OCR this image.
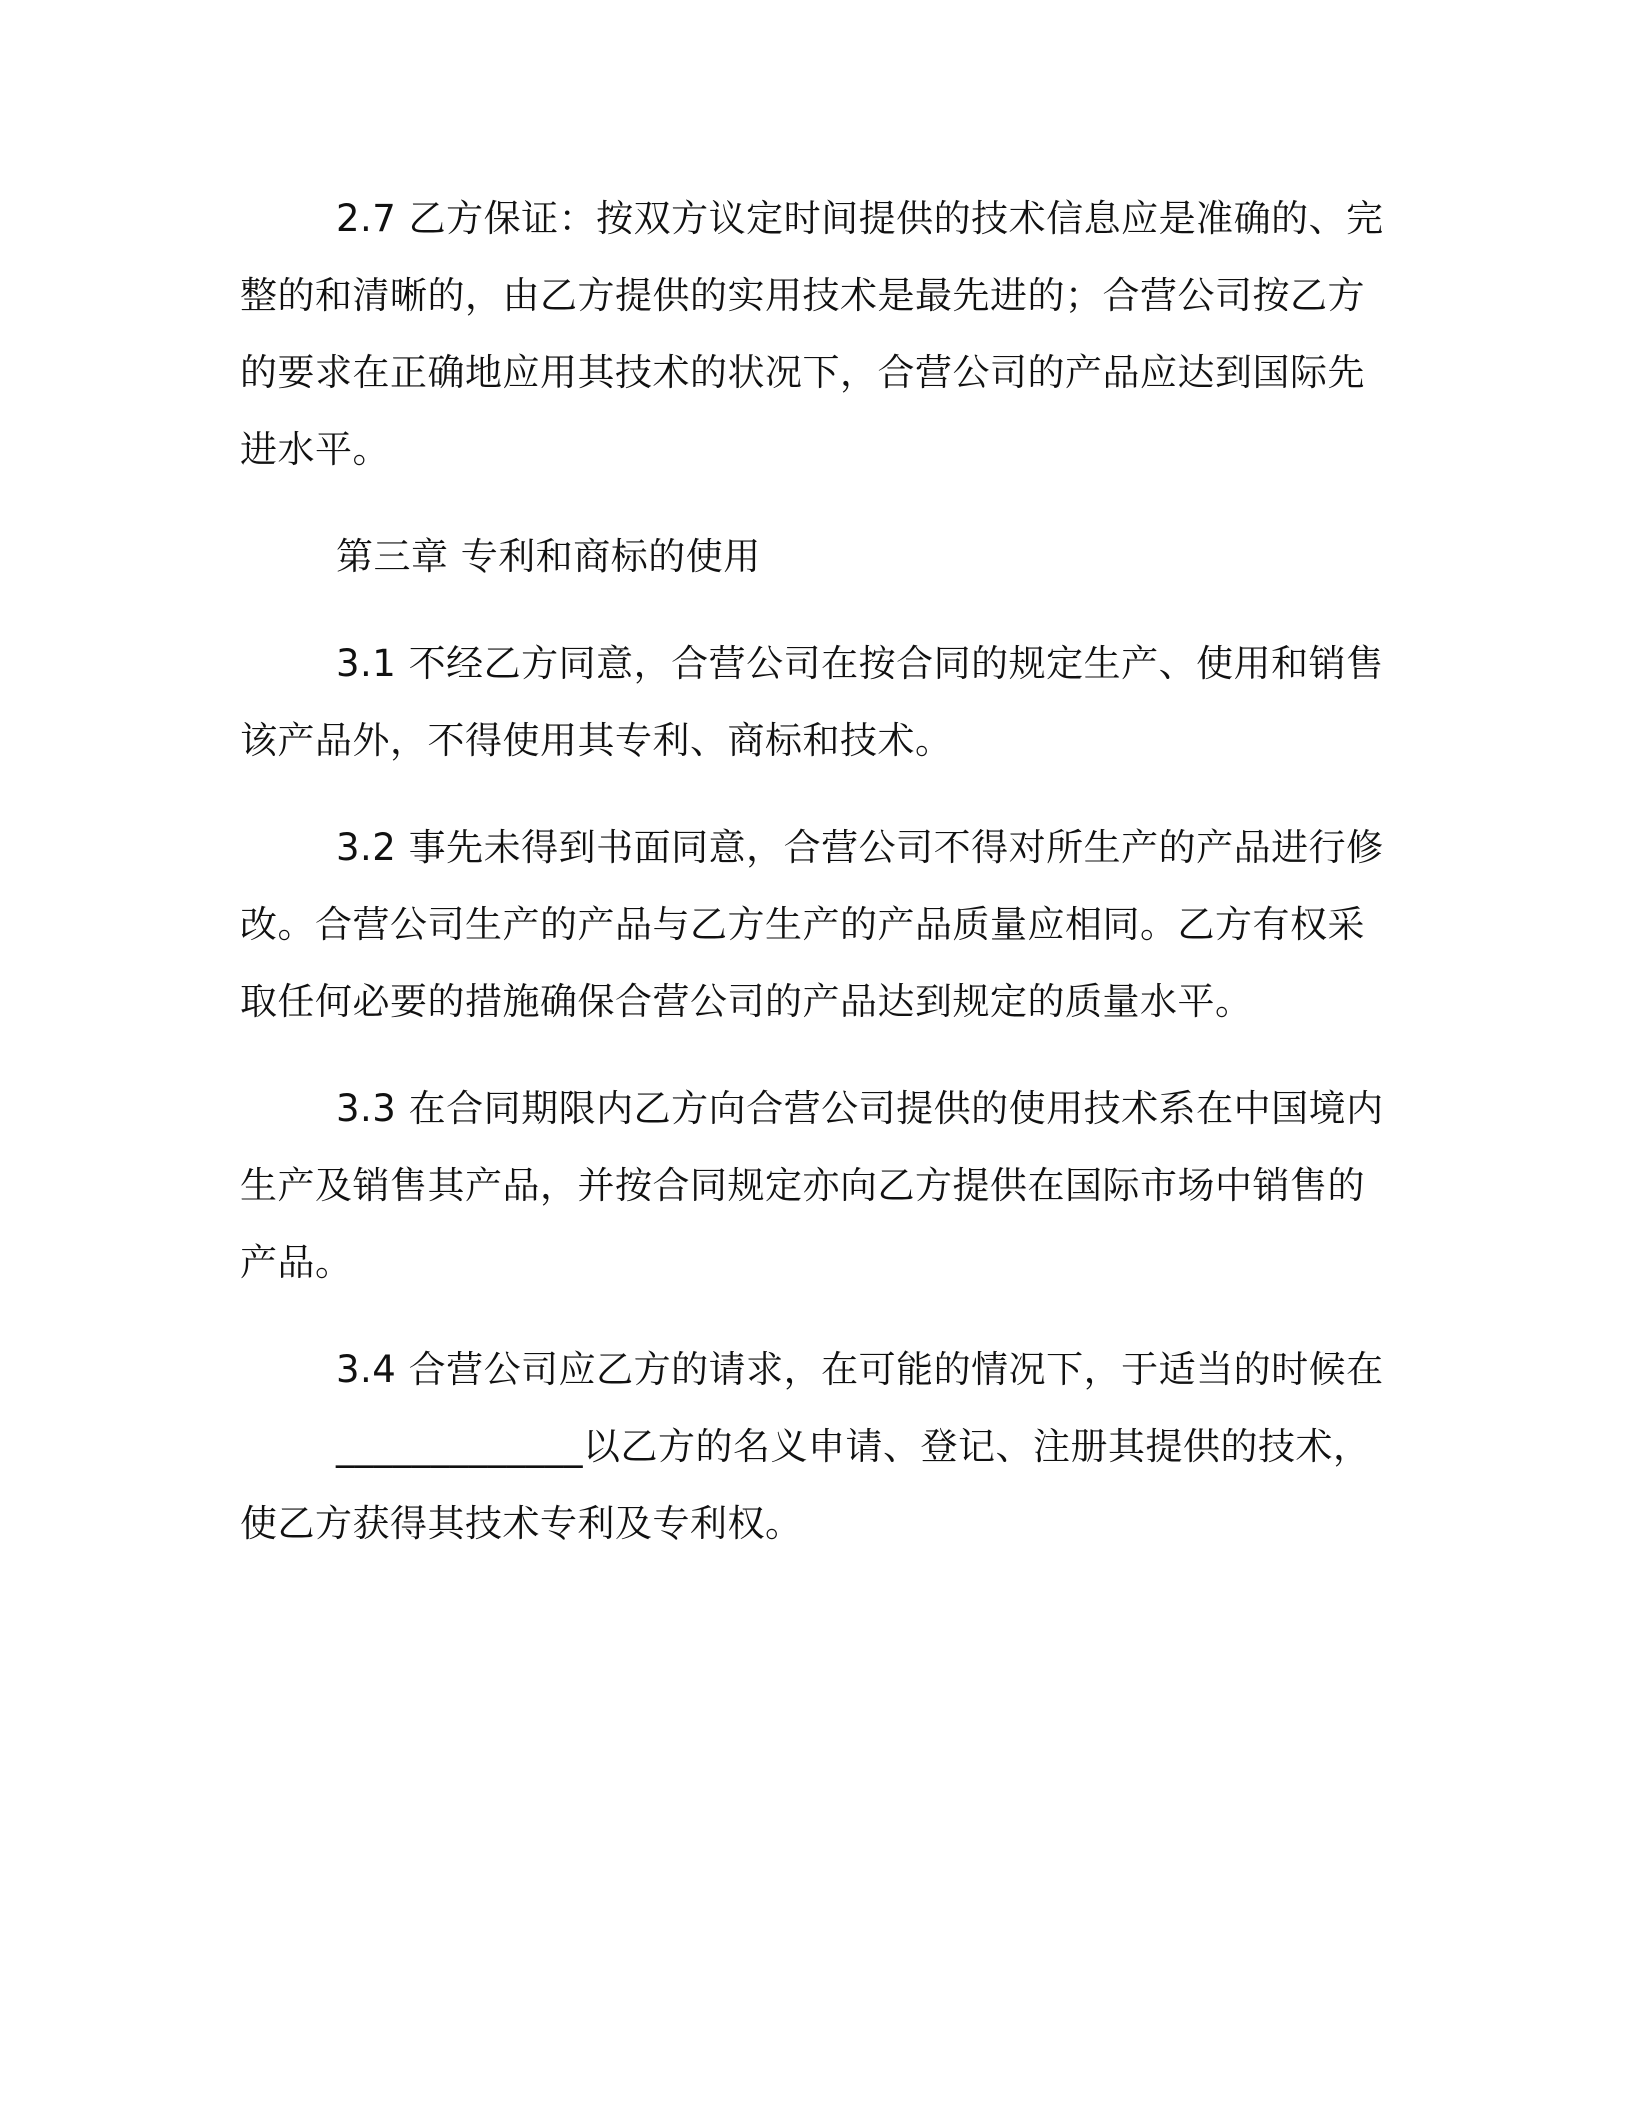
2.7 乙方保证：按双方议定时间提供的技术信息应是准确的、完整的和清晰的，由乙方提供的实用技术是最先进的；合营公司按乙方的要求在正确地应用其技术的状况下，合营公司的产品应达到国际先进水平。

第三章 专利和商标的使用

3.1 不经乙方同意，合营公司在按合同的规定生产、使用和销售该产品外，不得使用其专利、商标和技术。

3.2 事先未得到书面同意，合营公司不得对所生产的产品进行修改。合营公司生产的产品与乙方生产的产品质量应相同。乙方有权采取任何必要的措施确保合营公司的产品达到规定的质量水平。

3.3 在合同期限内乙方向合营公司提供的使用技术系在中国境内生产及销售其产品，并按合同规定亦向乙方提供在国际市场中销售的产品。

3.4 合营公司应乙方的请求，在可能的情况下，于适当的时候在_____________以乙方的名义申请、登记、注册其提供的技术，使乙方获得其技术专利及专利权。
